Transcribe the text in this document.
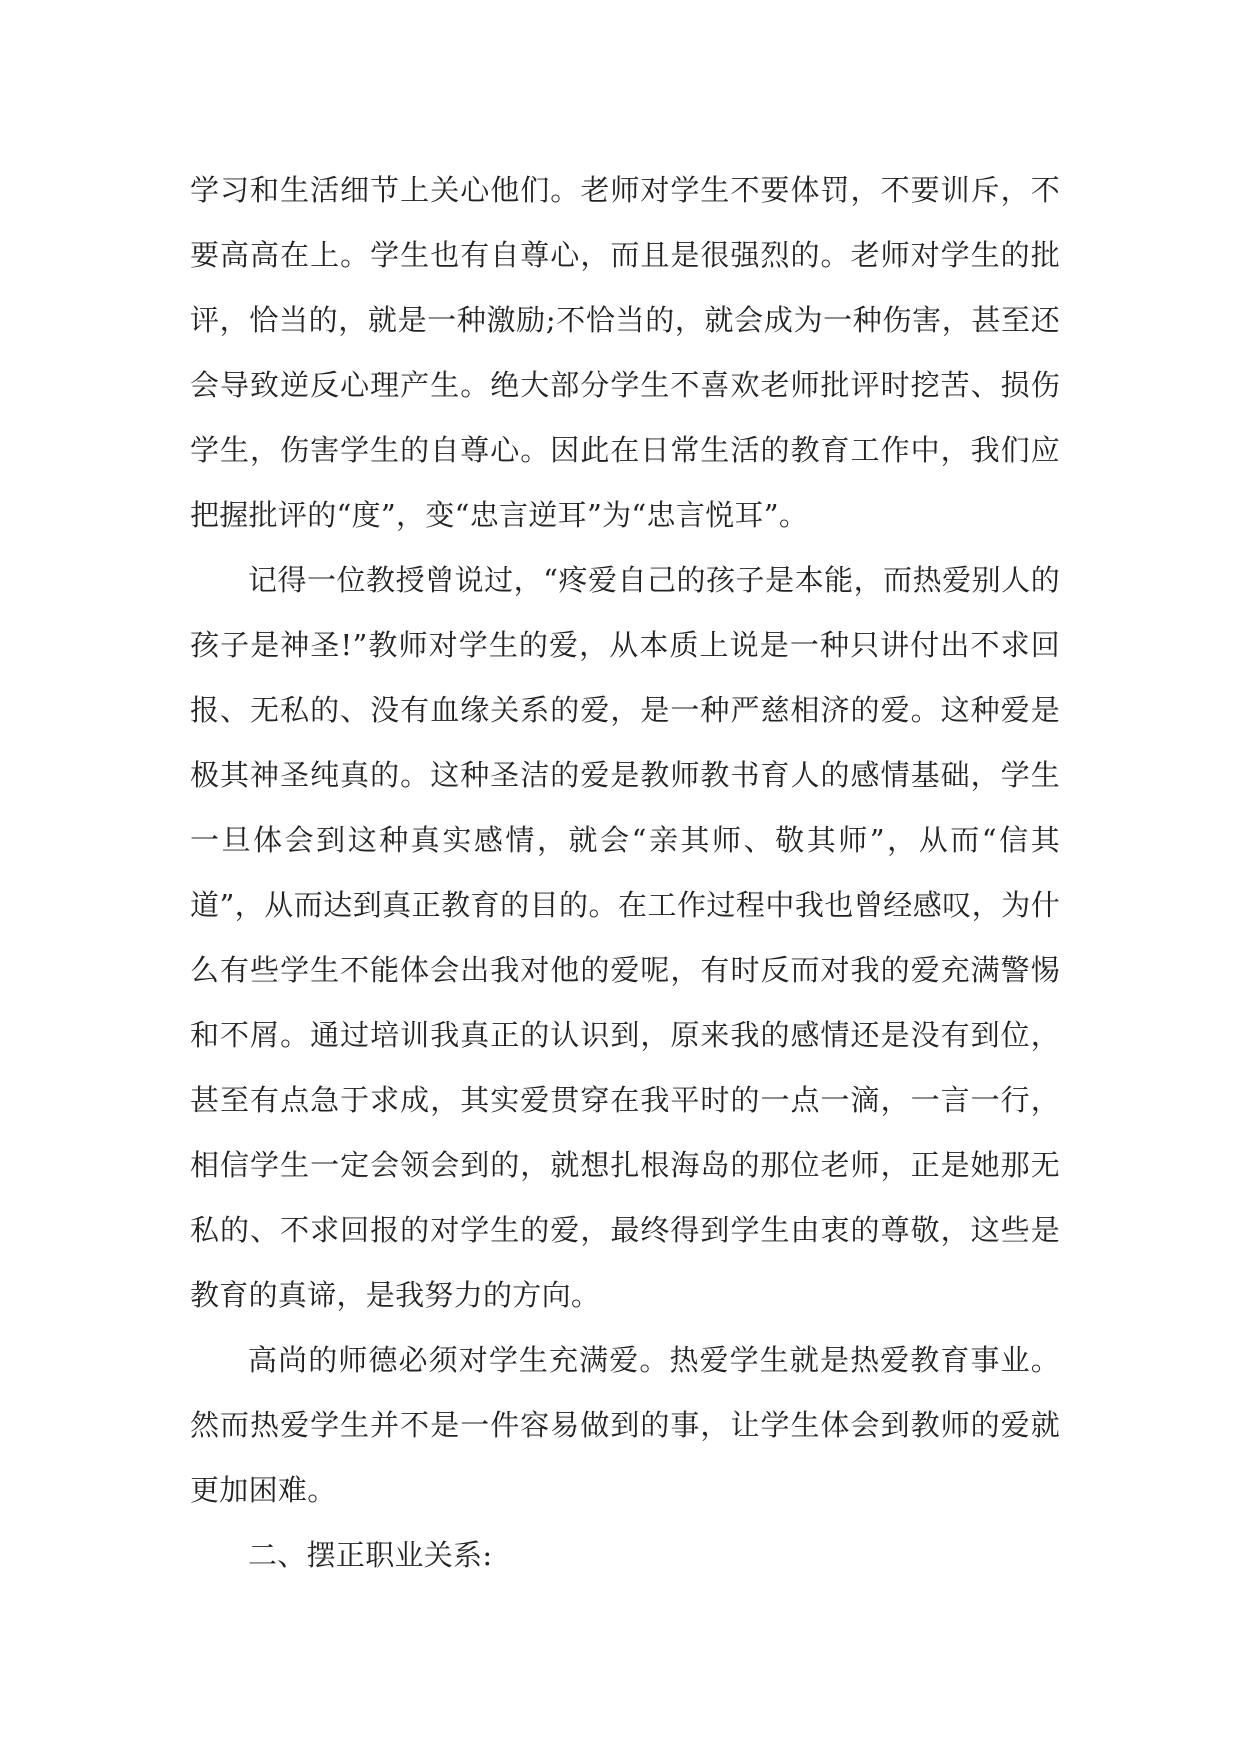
学习和生活细节上关心他们。老师对学生不要体罚，不要训斥，不要高高在上。学生也有自尊心，而且是很强烈的。老师对学生的批评，恰当的，就是一种激励;不恰当的，就会成为一种伤害，甚至还会导致逆反心理产生。绝大部分学生不喜欢老师批评时挖苦、损伤学生，伤害学生的自尊心。因此在日常生活的教育工作中，我们应把握批评的“度”，变“忠言逆耳”为“忠言悦耳”。

记得一位教授曾说过，“疼爱自己的孩子是本能，而热爱别人的孩子是神圣!”教师对学生的爱，从本质上说是一种只讲付出不求回报、无私的、没有血缘关系的爱，是一种严慈相济的爱。这种爱是极其神圣纯真的。这种圣洁的爱是教师教书育人的感情基础，学生一旦体会到这种真实感情，就会“亲其师、敬其师”，从而“信其道”，从而达到真正教育的目的。在工作过程中我也曾经感叹，为什么有些学生不能体会出我对他的爱呢，有时反而对我的爱充满警惕和不屑。通过培训我真正的认识到，原来我的感情还是没有到位，甚至有点急于求成，其实爱贯穿在我平时的一点一滴，一言一行，相信学生一定会领会到的，就想扎根海岛的那位老师，正是她那无私的、不求回报的对学生的爱，最终得到学生由衷的尊敬，这些是教育的真谛，是我努力的方向。

高尚的师德必须对学生充满爱。热爱学生就是热爱教育事业。然而热爱学生并不是一件容易做到的事，让学生体会到教师的爱就更加困难。

二、摆正职业关系:
